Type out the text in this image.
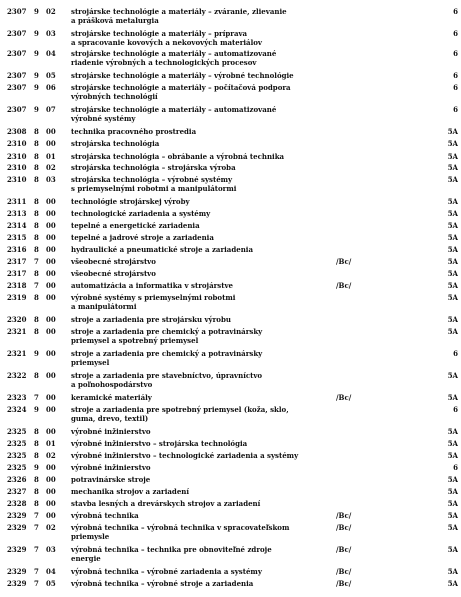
2307 9	02	strojárske technológie a materiály – zváranie, zlievanie
a prášková metalurgia
6
2307 9	03	strojárske technológie a materiály – príprava
a spracovanie kovových a nekovových materiálov
6
2307 9	04	strojárske technológie a materiály – automatizované
riadenie výrobných a technologických procesov
6
2307 9	05	strojárske technológie a materiály – výrobné technológie	6
2307 9	06	strojárske technológie a materiály – počítačová podpora
výrobných technológií
6
2307 9	07	strojárske technológie a materiály – automatizované
výrobné systémy
6
2308 8	00	technika pracovného prostredia	5A
2310 8	00	strojárska technológia	5A
2310 8	01	strojárska technológia – obrábanie a výrobná technika	5A
2310 8	02	strojárska technológia – strojárska výroba	5A
2310 8	03	strojárska technológia – výrobné systémy
s priemyselnými robotmi a manipulátormi
5A
2311 8	00	technológie strojárskej výroby	5A
2313 8	00	technologické zariadenia a systémy	5A
2314 8	00	tepelné a energetické zariadenia	5A
2315 8	00	tepelné a jadrové stroje a zariadenia	5A
2316 8	00	hydraulické a pneumatické stroje a zariadenia	5A
2317 7	00	všeobecné strojárstvo	/Bc/	5A
2317 8	00	všeobecné strojárstvo	5A
2318 7	00	automatizácia a informatika v strojárstve	/Bc/	5A
2319 8	00	výrobné systémy s priemyselnými robotmi
a manipulátormi
5A
2320 8	00	stroje a zariadenia pre strojársku výrobu	5A
2321 8	00	stroje a zariadenia pre chemický a potravinársky
priemysel a spotrebný priemysel
5A
2321 9	00	stroje a zariadenia pre chemický a potravinársky
priemysel
6
2322 8	00	stroje a zariadenia pre stavebníctvo, úpravníctvo
a poľnohospodárstvo
5A
2323 7	00	keramické materiály	/Bc/	5A
2324 9	00	stroje a zariadenia pre spotrebný priemysel (koža, sklo,
guma, drevo, textil)
6
2325 8	00	výrobné inžinierstvo	5A
2325 8	01	výrobné inžinierstvo – strojárska technológia	5A
2325 8	02	výrobné inžinierstvo – technologické zariadenia a systémy	5A
2325 9	00	výrobné inžinierstvo	6
2326 8	00	potravinárske stroje	5A
2327 8	00	mechanika strojov a zariadení	5A
2328 8	00	stavba lesných a drevárskych strojov a zariadení	5A
2329 7	00	výrobná technika	/Bc/	5A
2329 7	02	výrobná technika – výrobná technika v spracovateľskom
priemysle
/Bc/	5A
2329 7	03	výrobná technika – technika pre obnoviteľné zdroje
energie
/Bc/	5A
2329 7	04	výrobná technika – výrobné zariadenia a systémy	/Bc/	5A
2329 7	05	výrobná technika – výrobné stroje a zariadenia	/Bc/	5A
